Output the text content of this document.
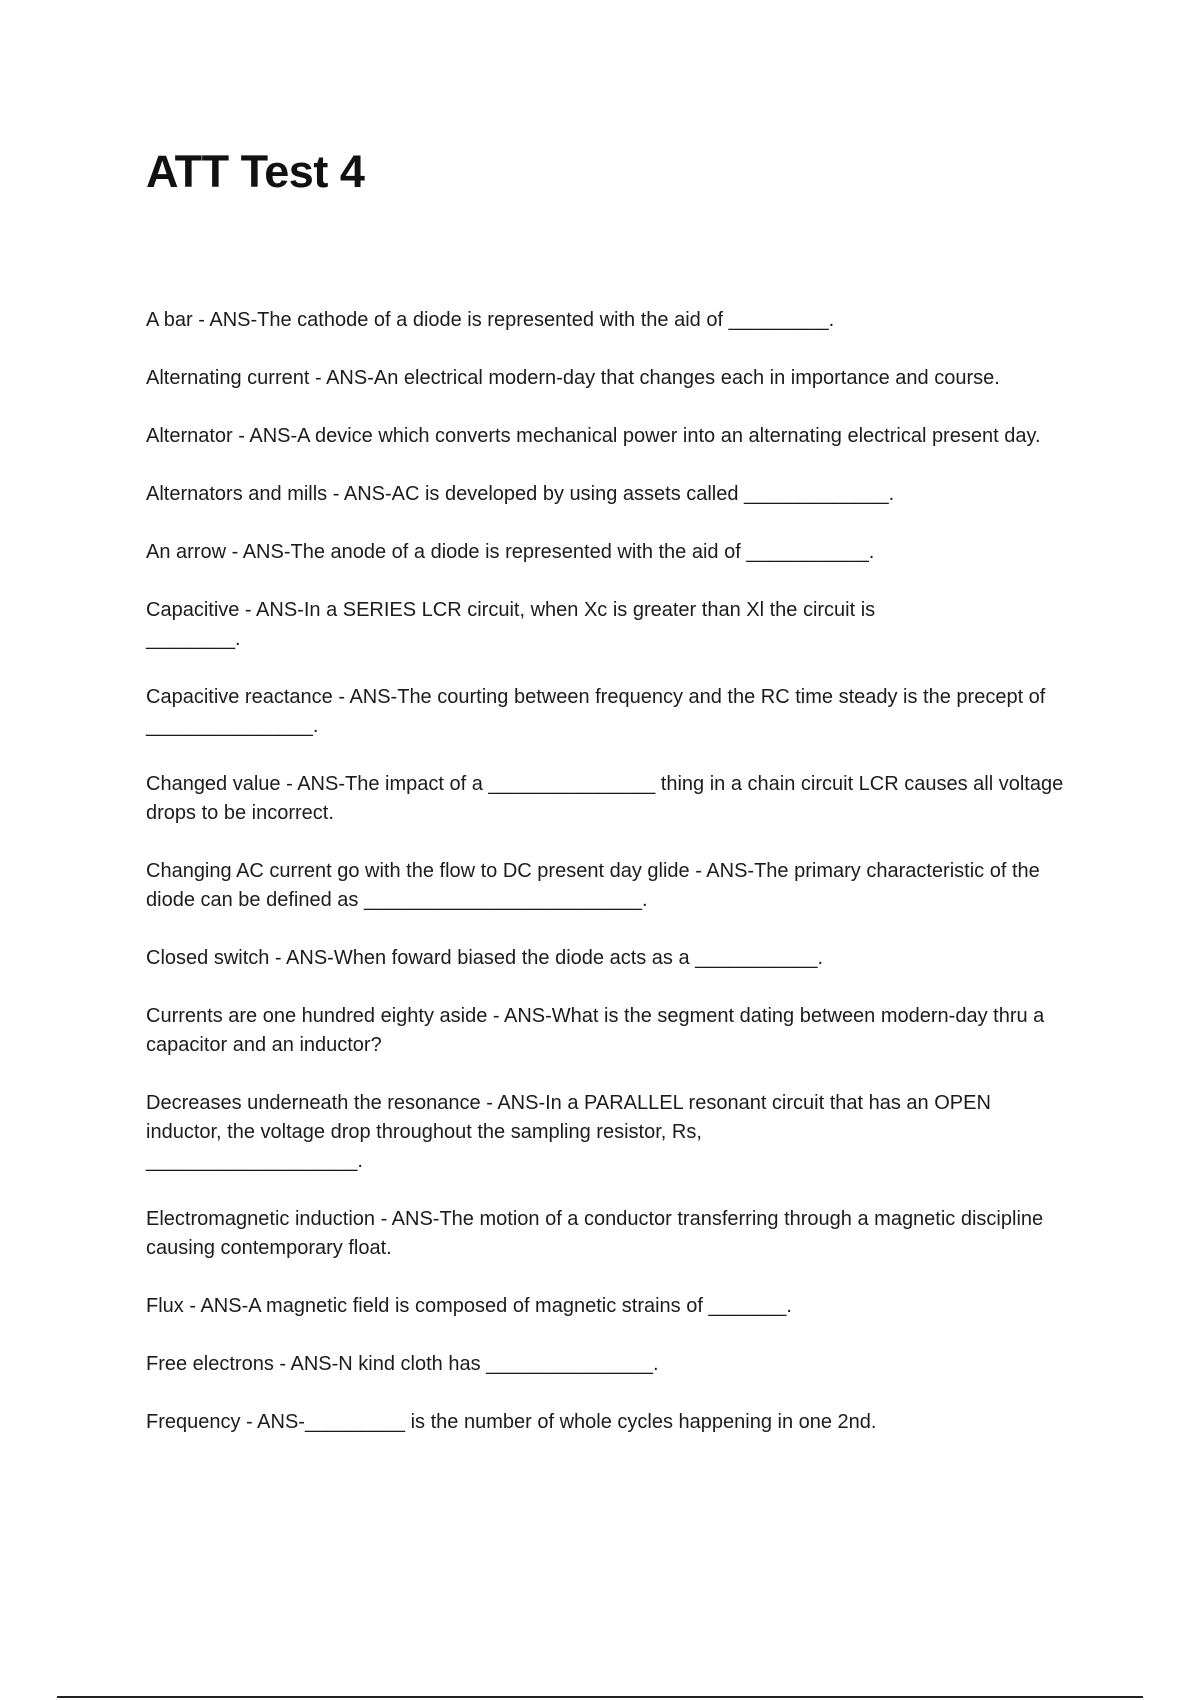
ATT Test 4
A bar - ANS-The cathode of a diode is represented with the aid of _________.
Alternating current - ANS-An electrical modern-day that changes each in importance and course.
Alternator - ANS-A device which converts mechanical power into an alternating electrical present day.
Alternators and mills - ANS-AC is developed by using assets called _____________.
An arrow - ANS-The anode of a diode is represented with the aid of ___________.
Capacitive - ANS-In a SERIES LCR circuit, when Xc is greater than Xl the circuit is
________.
Capacitive reactance - ANS-The courting between frequency and the RC time steady is the precept of _______________.
Changed value - ANS-The impact of a _______________ thing in a chain circuit LCR causes all voltage drops to be incorrect.
Changing AC current go with the flow to DC present day glide - ANS-The primary characteristic of the diode can be defined as _________________________.
Closed switch - ANS-When foward biased the diode acts as a ___________.
Currents are one hundred eighty aside - ANS-What is the segment dating between modern-day thru a capacitor and an inductor?
Decreases underneath the resonance - ANS-In a PARALLEL resonant circuit that has an OPEN inductor, the voltage drop throughout the sampling resistor, Rs,
___________________.
Electromagnetic induction - ANS-The motion of a conductor transferring through a magnetic discipline causing contemporary float.
Flux - ANS-A magnetic field is composed of magnetic strains of _______.
Free electrons - ANS-N kind cloth has _______________.
Frequency - ANS-_________ is the number of whole cycles happening in one 2nd.
